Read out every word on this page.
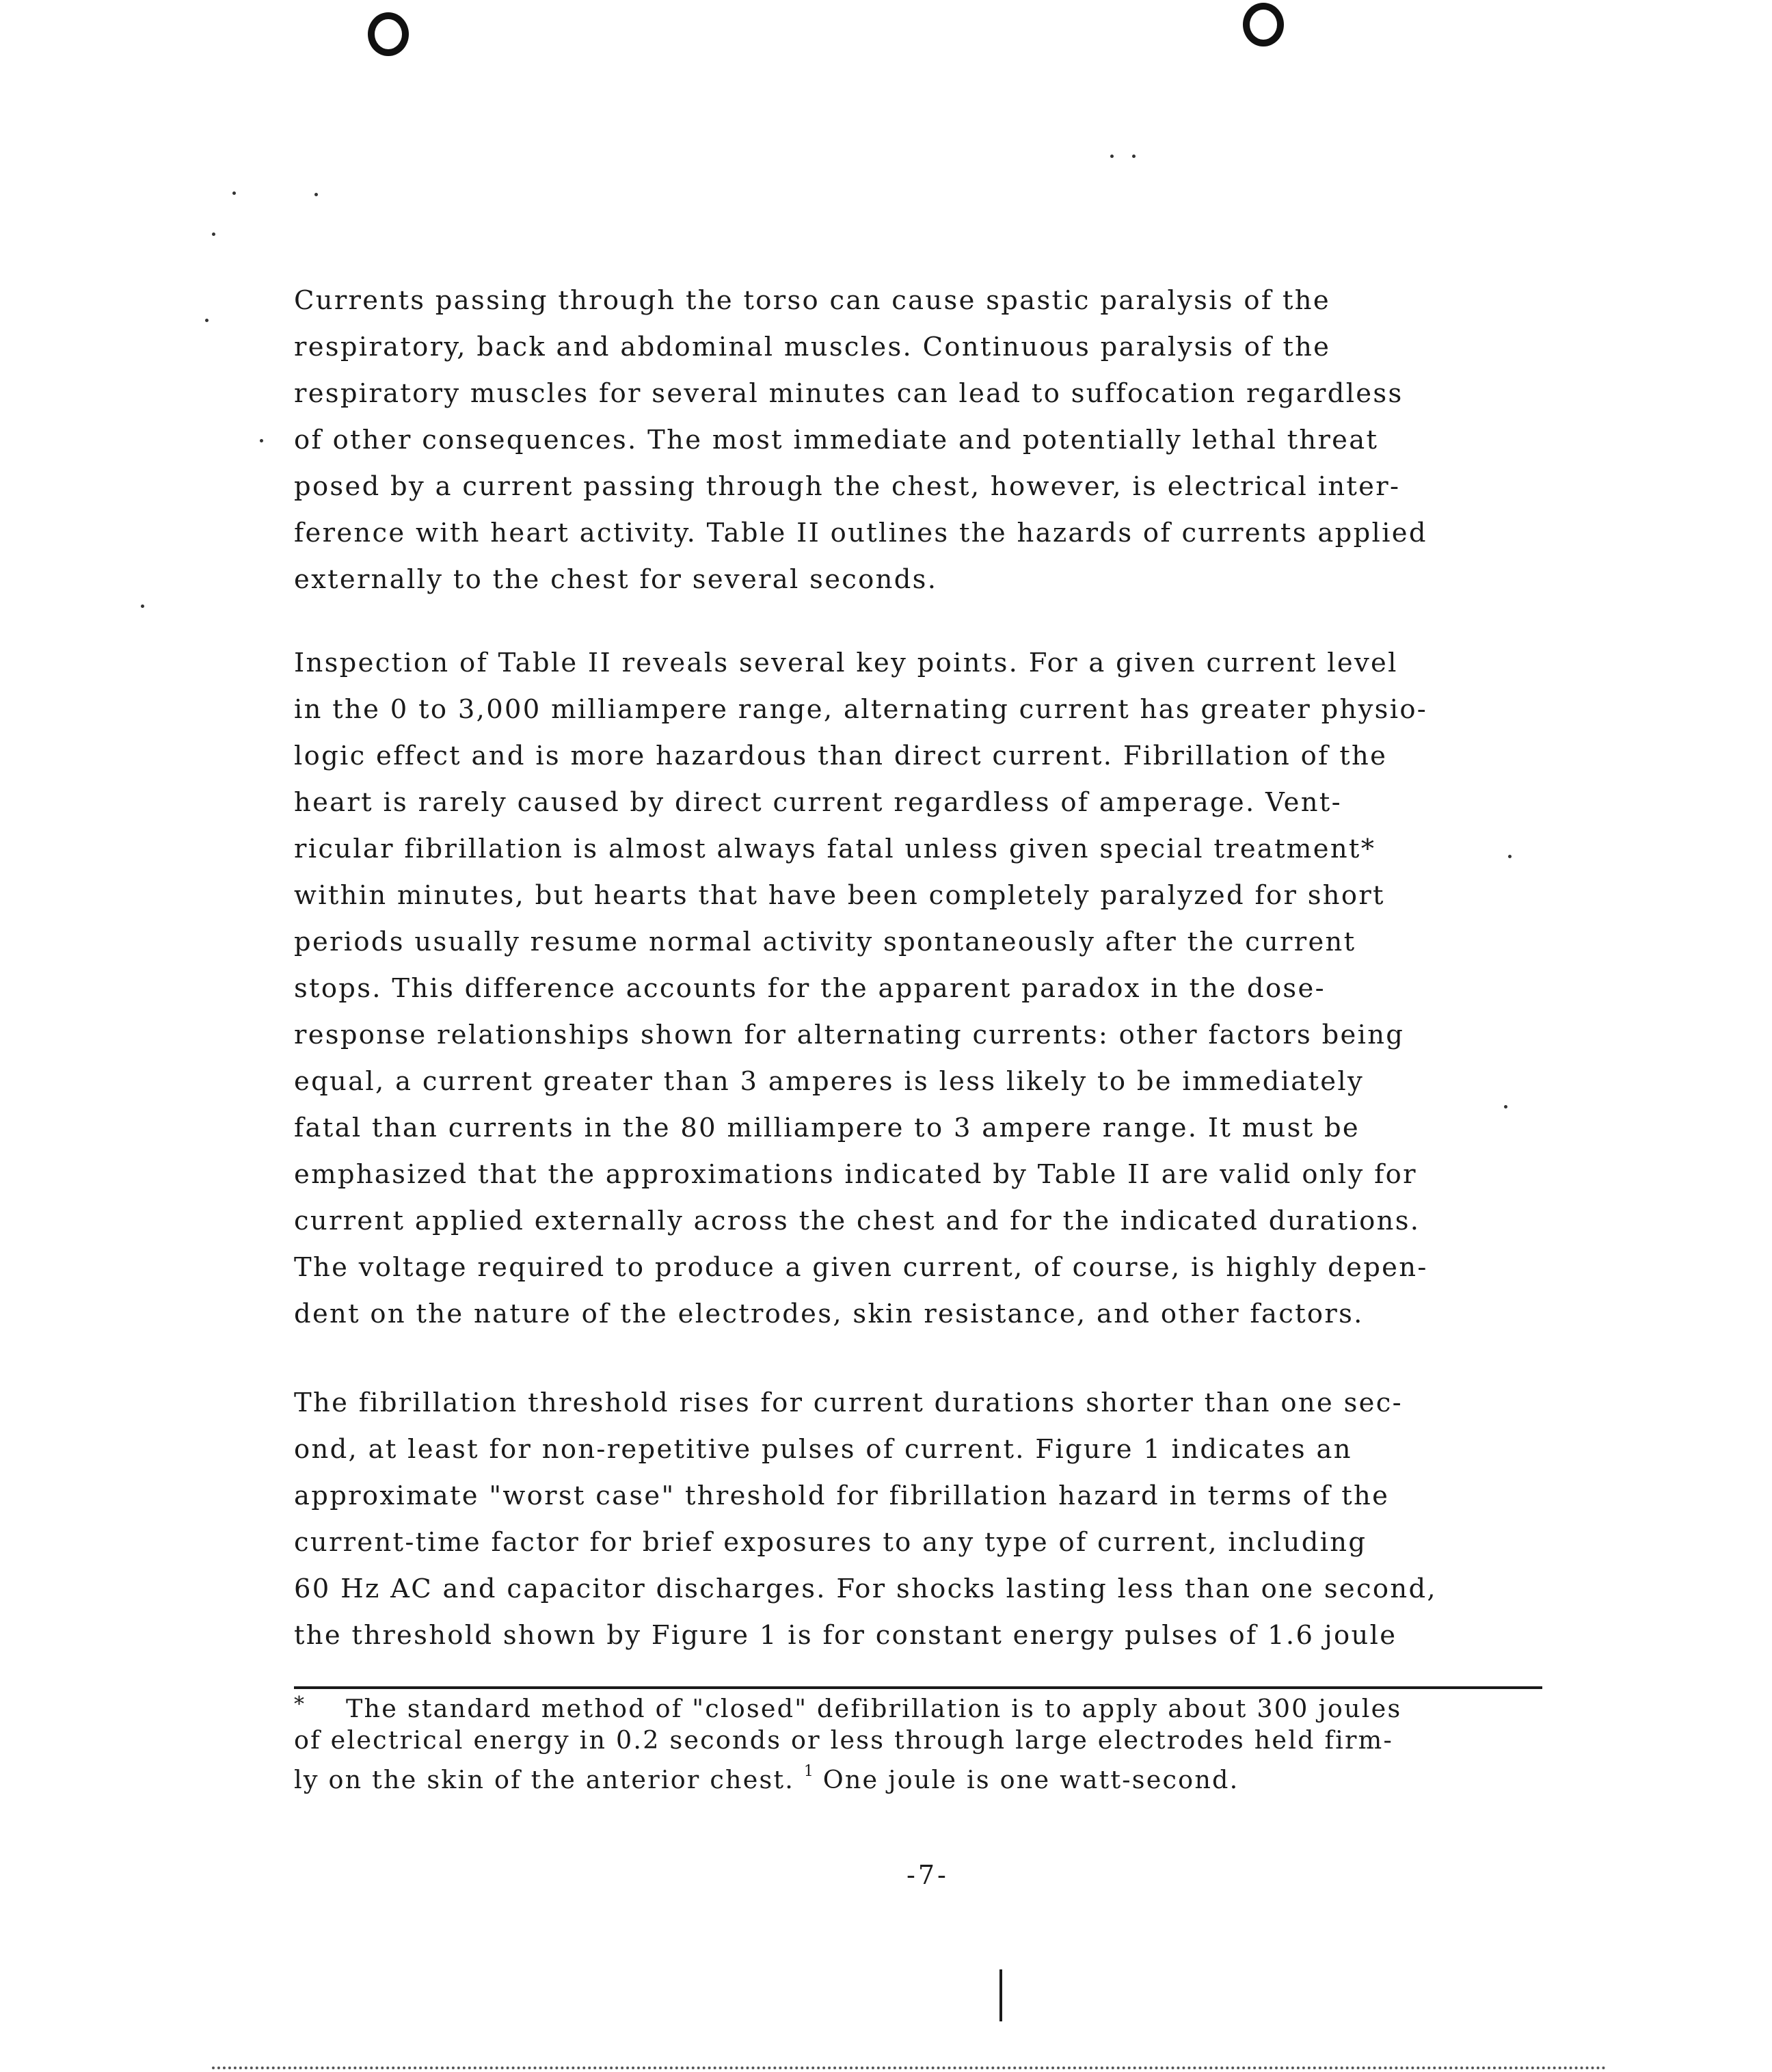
Currents passing through the torso can cause spastic paralysis of the
respiratory, back and abdominal muscles. Continuous paralysis of the
respiratory muscles for several minutes can lead to suffocation regardless
of other consequences. The most immediate and potentially lethal threat
posed by a current passing through the chest, however, is electrical inter-
ference with heart activity. Table II outlines the hazards of currents applied
externally to the chest for several seconds.
Inspection of Table II reveals several key points. For a given current level
in the 0 to 3,000 milliampere range, alternating current has greater physio-
logic effect and is more hazardous than direct current. Fibrillation of the
heart is rarely caused by direct current regardless of amperage. Vent-
ricular fibrillation is almost always fatal unless given special treatment*
within minutes, but hearts that have been completely paralyzed for short
periods usually resume normal activity spontaneously after the current
stops. This difference accounts for the apparent paradox in the dose-
response relationships shown for alternating currents: other factors being
equal, a current greater than 3 amperes is less likely to be immediately
fatal than currents in the 80 milliampere to 3 ampere range. It must be
emphasized that the approximations indicated by Table II are valid only for
current applied externally across the chest and for the indicated durations.
The voltage required to produce a given current, of course, is highly depen-
dent on the nature of the electrodes, skin resistance, and other factors.
The fibrillation threshold rises for current durations shorter than one sec-
ond, at least for non-repetitive pulses of current. Figure 1 indicates an
approximate "worst case" threshold for fibrillation hazard in terms of the
current-time factor for brief exposures to any type of current, including
60 Hz AC and capacitor discharges. For shocks lasting less than one second,
the threshold shown by Figure 1 is for constant energy pulses of 1.6 joule
*	The standard method of "closed" defibrillation is to apply about 300 joules
of electrical energy in 0.2 seconds or less through large electrodes held firm-
ly on the skin of the anterior chest. $^1$ One joule is one watt-second.
-7-
